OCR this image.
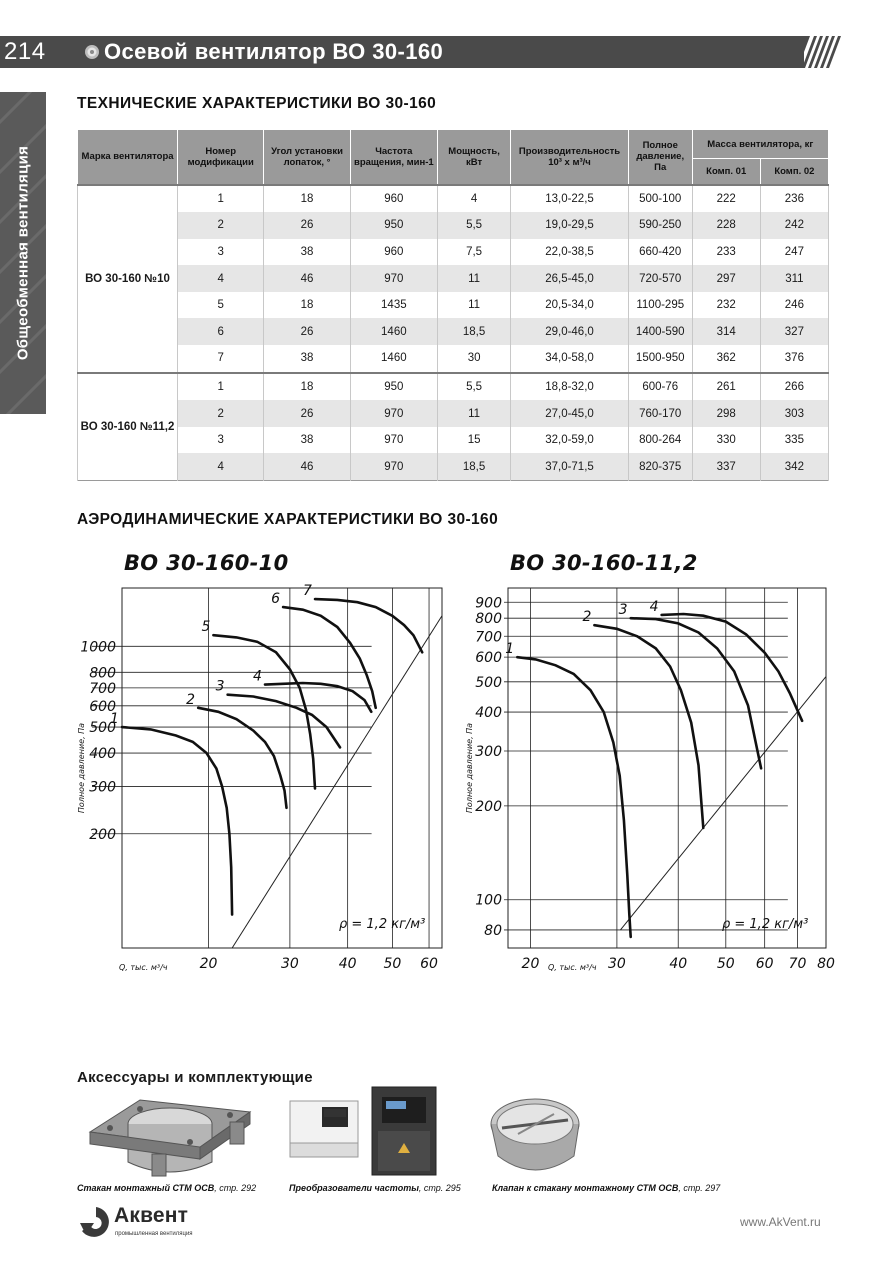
214	Осевой вентилятор ВО 30-160
Общеобменная вентиляция
ТЕХНИЧЕСКИЕ ХАРАКТЕРИСТИКИ ВО 30-160
Марка вентилятора	Номер модификации	Угол установки лопаток, °	Частота вращения, мин-1	Мощность, кВт	Производительность 10³ х м³/ч	Полное давление, Па	Масса вентилятора, кг	
							Комп. 01	Комп. 02
ВО 30-160 №10	1	18	960	4	13,0-22,5	500-100	222	236
	2	26	950	5,5	19,0-29,5	590-250	228	242
	3	38	960	7,5	22,0-38,5	660-420	233	247
	4	46	970	11	26,5-45,0	720-570	297	311
	5	18	1435	11	20,5-34,0	1100-295	232	246
	6	26	1460	18,5	29,0-46,0	1400-590	314	327
	7	38	1460	30	34,0-58,0	1500-950	362	376
ВО 30-160 №11,2	1	18	950	5,5	18,8-32,0	600-76	261	266
	2	26	970	11	27,0-45,0	760-170	298	303
	3	38	970	15	32,0-59,0	800-264	330	335
	4	46	970	18,5	37,0-71,5	820-375	337	342
АЭРОДИНАМИЧЕСКИЕ ХАРАКТЕРИСТИКИ ВО 30-160
ВО 30-160-10	ВО 30-160-11,2
200
300
400
500
600
700
800
1000
20	30	40 50 60
1
2
3
4
5
6
7
Q, тыс. м³/ч
Полное давление, Па
ρ = 1,2 кг/м³	80
100
200
300
400
500
600
700
800
900
20	30	40 50 60 70 80
1
2 3 4
Q, тыс. м³/ч
Полное давление, Па
ρ = 1,2 кг/м³
Аксессуары и комплектующие
Стакан монтажный СТМ ОСВ, стр. 292	Преобразователи частоты, стр. 295	Клапан к стакану монтажному СТМ ОСВ, стр. 297
Аквент
промышленная вентиляция
www.AkVent.ru
